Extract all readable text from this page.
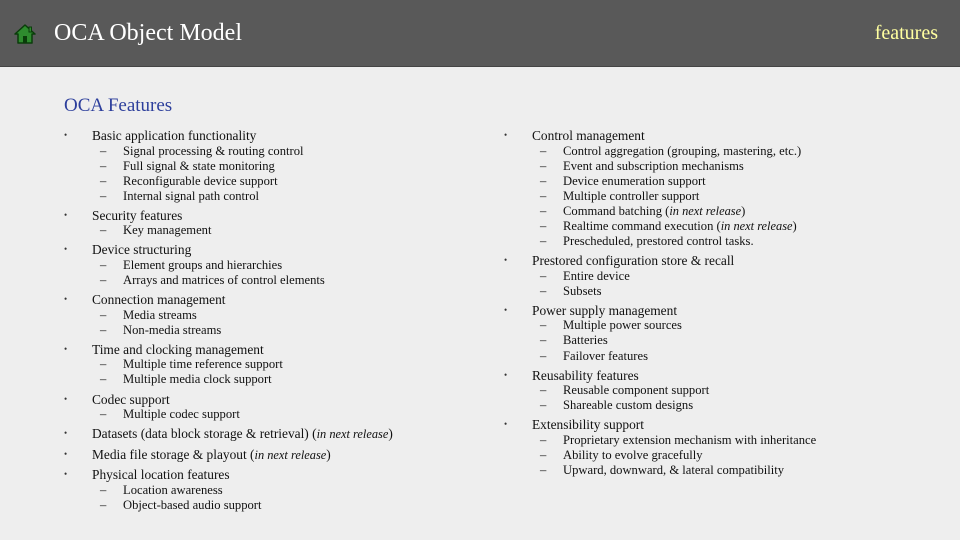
OCA Object Model	features
OCA Features
• Basic application functionality
– Signal processing & routing control
– Full signal & state monitoring
– Reconfigurable device support
– Internal signal path control
• Security features
– Key management
• Device structuring
– Element groups and hierarchies
– Arrays and matrices of control elements
• Connection management
– Media streams
– Non-media streams
• Time and clocking management
– Multiple time reference support
– Multiple media clock support
• Codec support
– Multiple codec support
• Datasets (data block storage & retrieval) (in next release)
• Media file storage & playout (in next release)
• Physical location features
– Location awareness
– Object-based audio support
• Control management
– Control aggregation (grouping, mastering, etc.)
– Event and subscription mechanisms
– Device enumeration support
– Multiple controller support
– Command batching (in next release)
– Realtime command execution (in next release)
– Prescheduled, prestored control tasks.
• Prestored configuration store & recall
– Entire device
– Subsets
• Power supply management
– Multiple power sources
– Batteries
– Failover features
• Reusability features
– Reusable component support
– Shareable custom designs
• Extensibility support
– Proprietary extension mechanism with inheritance
– Ability to evolve gracefully
– Upward, downward, & lateral compatibility
